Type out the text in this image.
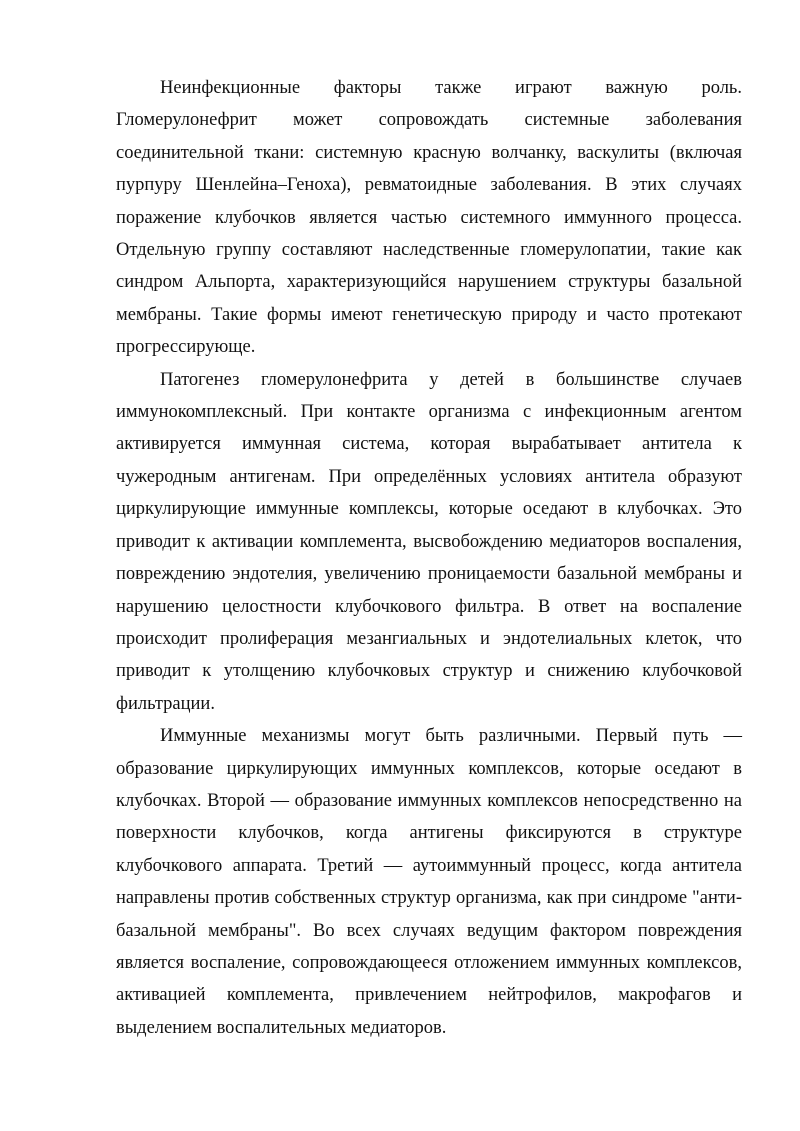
Неинфекционные факторы также играют важную роль. Гломерулонефрит может сопровождать системные заболевания соединительной ткани: системную красную волчанку, васкулиты (включая пурпуру Шенлейна–Геноха), ревматоидные заболевания. В этих случаях поражение клубочков является частью системного иммунного процесса. Отдельную группу составляют наследственные гломерулопатии, такие как синдром Альпорта, характеризующийся нарушением структуры базальной мембраны. Такие формы имеют генетическую природу и часто протекают прогрессирующе.

Патогенез гломерулонефрита у детей в большинстве случаев иммунокомплексный. При контакте организма с инфекционным агентом активируется иммунная система, которая вырабатывает антитела к чужеродным антигенам. При определённых условиях антитела образуют циркулирующие иммунные комплексы, которые оседают в клубочках. Это приводит к активации комплемента, высвобождению медиаторов воспаления, повреждению эндотелия, увеличению проницаемости базальной мембраны и нарушению целостности клубочкового фильтра. В ответ на воспаление происходит пролиферация мезангиальных и эндотелиальных клеток, что приводит к утолщению клубочковых структур и снижению клубочковой фильтрации.

Иммунные механизмы могут быть различными. Первый путь — образование циркулирующих иммунных комплексов, которые оседают в клубочках. Второй — образование иммунных комплексов непосредственно на поверхности клубочков, когда антигены фиксируются в структуре клубочкового аппарата. Третий — аутоиммунный процесс, когда антитела направлены против собственных структур организма, как при синдроме "анти-базальной мембраны". Во всех случаях ведущим фактором повреждения является воспаление, сопровождающееся отложением иммунных комплексов, активацией комплемента, привлечением нейтрофилов, макрофагов и выделением воспалительных медиаторов.
